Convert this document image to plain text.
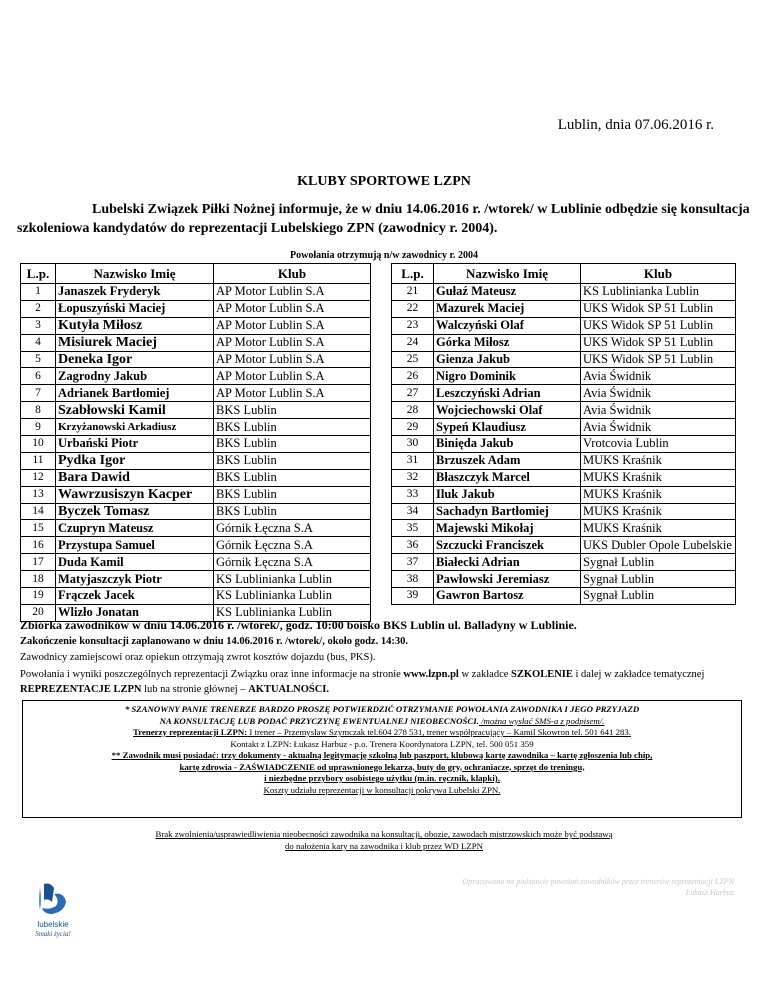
Lublin, dnia 07.06.2016 r.
KLUBY SPORTOWE LZPN
Lubelski Związek Piłki Nożnej informuje, że w dniu 14.06.2016 r. /wtorek/ w Lublinie odbędzie się konsultacja szkoleniowa kandydatów do reprezentacji Lubelskiego ZPN (zawodnicy r. 2004).
Powołania otrzymują n/w zawodnicy r. 2004
L.p.	Nazwisko Imię	Klub
1	Janaszek Fryderyk	AP Motor Lublin S.A
2	Łopuszyński Maciej	AP Motor Lublin S.A
3	Kutyła Miłosz	AP Motor Lublin S.A
4	Misiurek Maciej	AP Motor Lublin S.A
5	Deneka Igor	AP Motor Lublin S.A
6	Zagrodny Jakub	AP Motor Lublin S.A
7	Adrianek Bartłomiej	AP Motor Lublin S.A
8	Szabłowski Kamil	BKS Lublin
9	Krzyżanowski Arkadiusz	BKS Lublin
10	Urbański Piotr	BKS Lublin
11	Pydka Igor	BKS Lublin
12	Bara Dawid	BKS Lublin
13	Wawrzusiszyn Kacper	BKS Lublin
14	Byczek Tomasz	BKS Lublin
15	Czupryn Mateusz	Górnik Łęczna S.A
16	Przystupa Samuel	Górnik Łęczna S.A
17	Duda Kamil	Górnik Łęczna S.A
18	Matyjaszczyk Piotr	KS Lublinianka Lublin
19	Frączek Jacek	KS Lublinianka Lublin
20	Wlizło Jonatan	KS Lublinianka Lublin
L.p.	Nazwisko Imię	Klub
21	Gułaź Mateusz	KS Lublinianka Lublin
22	Mazurek Maciej	UKS Widok SP 51 Lublin
23	Walczyński Olaf	UKS Widok SP 51 Lublin
24	Górka Miłosz	UKS Widok SP 51 Lublin
25	Gienza Jakub	UKS Widok SP 51 Lublin
26	Nigro Dominik	Avia Świdnik
27	Leszczyński Adrian	Avia Świdnik
28	Wojciechowski Olaf	Avia Świdnik
29	Sypeń Klaudiusz	Avia Świdnik
30	Binięda Jakub	Vrotcovia Lublin
31	Brzuszek Adam	MUKS Kraśnik
32	Błaszczyk Marcel	MUKS Kraśnik
33	Iluk Jakub	MUKS Kraśnik
34	Sachadyn Bartłomiej	MUKS Kraśnik
35	Majewski Mikołaj	MUKS Kraśnik
36	Szczucki Franciszek	UKS Dubler Opole Lubelskie
37	Białecki Adrian	Sygnał Lublin
38	Pawłowski Jeremiasz	Sygnał Lublin
39	Gawron Bartosz	Sygnał Lublin
Zbiórka zawodników w dniu 14.06.2016 r. /wtorek/, godz. 10:00 boisko BKS Lublin ul. Balladyny w Lublinie.
Zakończenie konsultacji zaplanowano w dniu 14.06.2016 r. /wtorek/, około godz. 14:30.
Zawodnicy zamiejscowi oraz opiekun otrzymają zwrot kosztów dojazdu (bus, PKS).
Powołania i wyniki poszczególnych reprezentacji Związku oraz inne informacje na stronie www.lzpn.pl w zakładce SZKOLENIE i dalej w zakładce tematycznej REPREZENTACJE LZPN lub na stronie głównej – AKTUALNOŚCI.

* SZANOWNY PANIE TRENERZE BARDZO PROSZĘ POTWIERDZIĆ OTRZYMANIE POWOŁANIA ZAWODNIKA I JEGO PRZYJAZD

NA KONSULTACJĘ LUB PODAĆ PRZYCZYNĘ EWENTUALNEJ NIEOBECNOŚCI. /można wysłać SMS-a z podpisem/.

Trenerzy reprezentacji LZPN: I trener – Przemysław Szymczak tel.604 278 531, trener współpracujący – Kamil Skowron tel. 501 641 283.

Kontakt z LZPN: Łukasz Harbuz - p.o. Trenera Koordynatora LZPN, tel. 500 051 359

** Zawodnik musi posiadać: trzy dokumenty - aktualną legitymację szkolną lub paszport, klubową kartę zawodnika – kartę zgłoszenia lub chip,

kartę zdrowia - ZAŚWIADCZENIE od uprawnionego lekarza, buty do gry, ochraniacze, sprzęt do treningu,

i niezbędne przybory osobistego użytku (m.in. ręcznik, klapki).

Koszty udziału reprezentacji w konsultacji pokrywa Lubelski ZPN.

Brak zwolnienia/usprawiedliwienia nieobecności zawodnika na konsultacji, obozie, zawodach mistrzowskich może być podstawą
do nałożenia kary na zawodnika i klub przez WD LZPN
Opracowano na podstawie powołań zawodników przez trenerów reprezentacji LZPN
Łukasz Harbuz
lubelskie
Smaki życia!
